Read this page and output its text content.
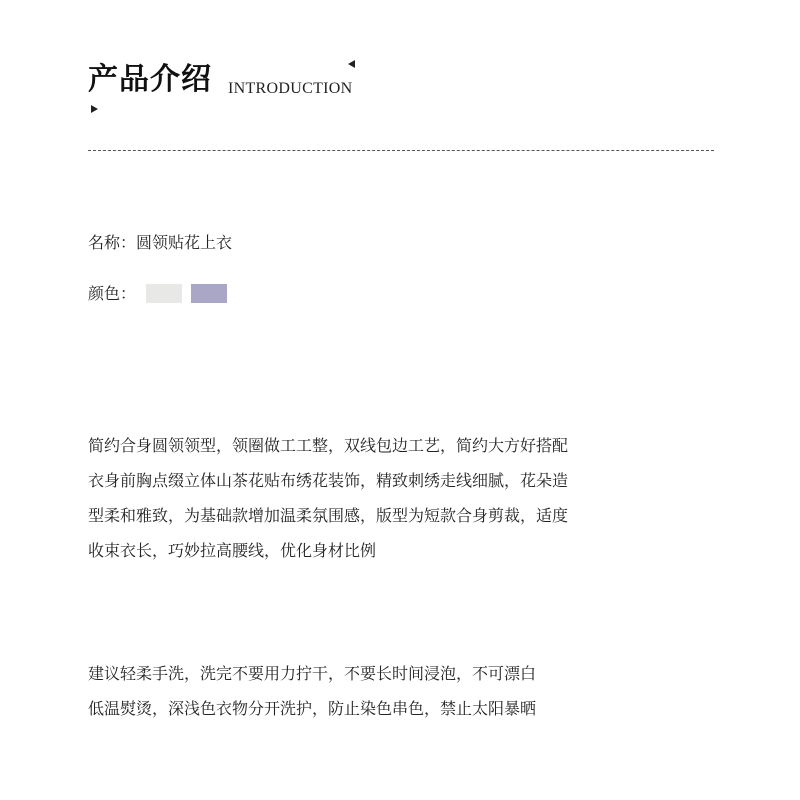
产品介绍 INTRODUCTION
名称：圆领贴花上衣
颜色：
简约合身圆领领型，领圈做工工整，双线包边工艺，简约大方好搭配
衣身前胸点缀立体山茶花贴布绣花装饰，精致刺绣走线细腻，花朵造
型柔和雅致，为基础款增加温柔氛围感，版型为短款合身剪裁，适度
收束衣长，巧妙拉高腰线，优化身材比例
建议轻柔手洗，洗完不要用力拧干，不要长时间浸泡，不可漂白
低温熨烫，深浅色衣物分开洗护，防止染色串色，禁止太阳暴晒
